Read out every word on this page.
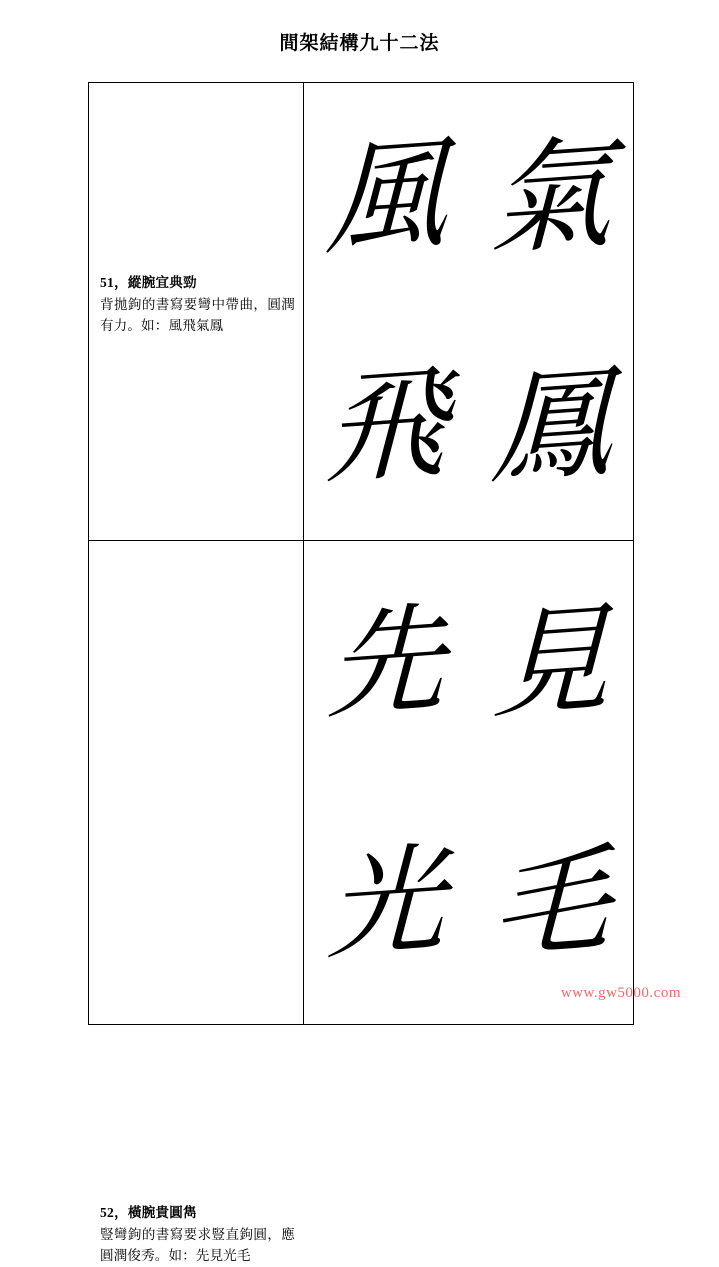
間架結構九十二法
51，縱腕宜典勁
背拋鉤的書寫要彎中帶曲，圓潤有力。如：風飛氣鳳
風 氣
飛 鳳
52，橫腕貴圓雋
豎彎鉤的書寫要求豎直鉤圓，應圓潤俊秀。如：先見光毛
先 見
光 毛
www.gw5000.com
